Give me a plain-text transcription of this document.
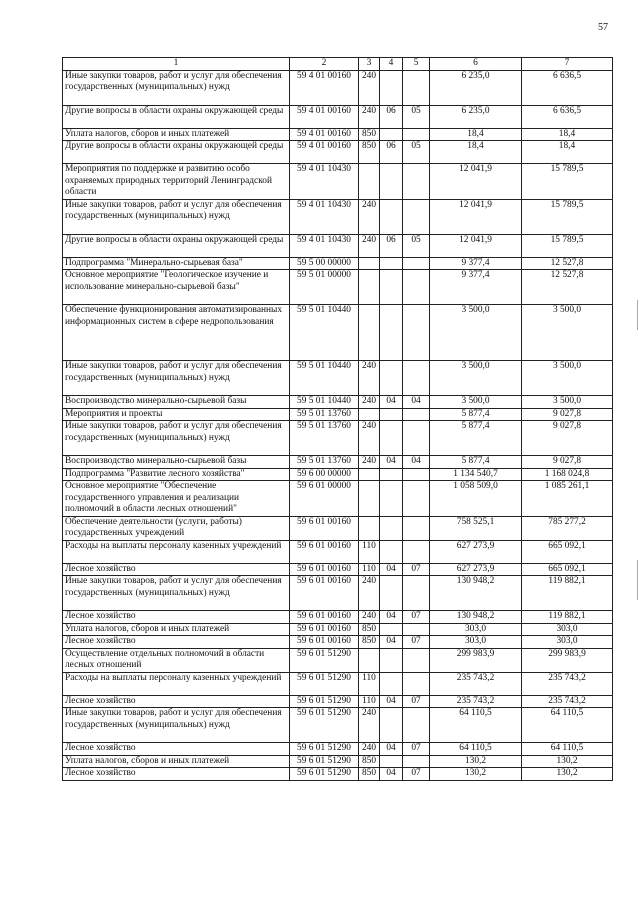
57
1	2	3	4	5	6	7
Иные закупки товаров, работ и услуг для обеспечения государственных (муниципальных) нужд	59 4 01 00160	240			6 235,0	6 636,5
Другие вопросы в области охраны окружающей среды	59 4 01 00160	240	06	05	6 235,0	6 636,5
Уплата налогов, сборов и иных платежей	59 4 01 00160	850			18,4	18,4
Другие вопросы в области охраны окружающей среды	59 4 01 00160	850	06	05	18,4	18,4
Мероприятия по поддержке и развитию особо охраняемых природных территорий Ленинградской области	59 4 01 10430				12 041,9	15 789,5
Иные закупки товаров, работ и услуг для обеспечения государственных (муниципальных) нужд	59 4 01 10430	240			12 041,9	15 789,5
Другие вопросы в области охраны окружающей среды	59 4 01 10430	240	06	05	12 041,9	15 789,5
Подпрограмма "Минерально-сырьевая база"	59 5 00 00000				9 377,4	12 527,8
Основное мероприятие "Геологическое изучение и использование минерально-сырьевой базы"	59 5 01 00000				9 377,4	12 527,8
Обеспечение функционирования автоматизированных информационных систем в сфере недропользования	59 5 01 10440				3 500,0	3 500,0
Иные закупки товаров, работ и услуг для обеспечения государственных (муниципальных) нужд	59 5 01 10440	240			3 500,0	3 500,0
Воспроизводство минерально-сырьевой базы	59 5 01 10440	240	04	04	3 500,0	3 500,0
Мероприятия и проекты	59 5 01 13760				5 877,4	9 027,8
Иные закупки товаров, работ и услуг для обеспечения государственных (муниципальных) нужд	59 5 01 13760	240			5 877,4	9 027,8
Воспроизводство минерально-сырьевой базы	59 5 01 13760	240	04	04	5 877,4	9 027,8
Подпрограмма "Развитие лесного хозяйства"	59 6 00 00000				1 134 540,7	1 168 024,8
Основное мероприятие "Обеспечение государственного управления и реализации полномочий в области лесных отношений"	59 6 01 00000				1 058 509,0	1 085 261,1
Обеспечение деятельности (услуги, работы) государственных учреждений	59 6 01 00160				758 525,1	785 277,2
Расходы на выплаты персоналу казенных учреждений	59 6 01 00160	110			627 273,9	665 092,1
Лесное хозяйство	59 6 01 00160	110	04	07	627 273,9	665 092,1
Иные закупки товаров, работ и услуг для обеспечения государственных (муниципальных) нужд	59 6 01 00160	240			130 948,2	119 882,1
Лесное хозяйство	59 6 01 00160	240	04	07	130 948,2	119 882,1
Уплата налогов, сборов и иных платежей	59 6 01 00160	850			303,0	303,0
Лесное хозяйство	59 6 01 00160	850	04	07	303,0	303,0
Осуществление отдельных полномочий в области лесных отношений	59 6 01 51290				299 983,9	299 983,9
Расходы на выплаты персоналу казенных учреждений	59 6 01 51290	110			235 743,2	235 743,2
Лесное хозяйство	59 6 01 51290	110	04	07	235 743,2	235 743,2
Иные закупки товаров, работ и услуг для обеспечения государственных (муниципальных) нужд	59 6 01 51290	240			64 110,5	64 110,5
Лесное хозяйство	59 6 01 51290	240	04	07	64 110,5	64 110,5
Уплата налогов, сборов и иных платежей	59 6 01 51290	850			130,2	130,2
Лесное хозяйство	59 6 01 51290	850	04	07	130,2	130,2
